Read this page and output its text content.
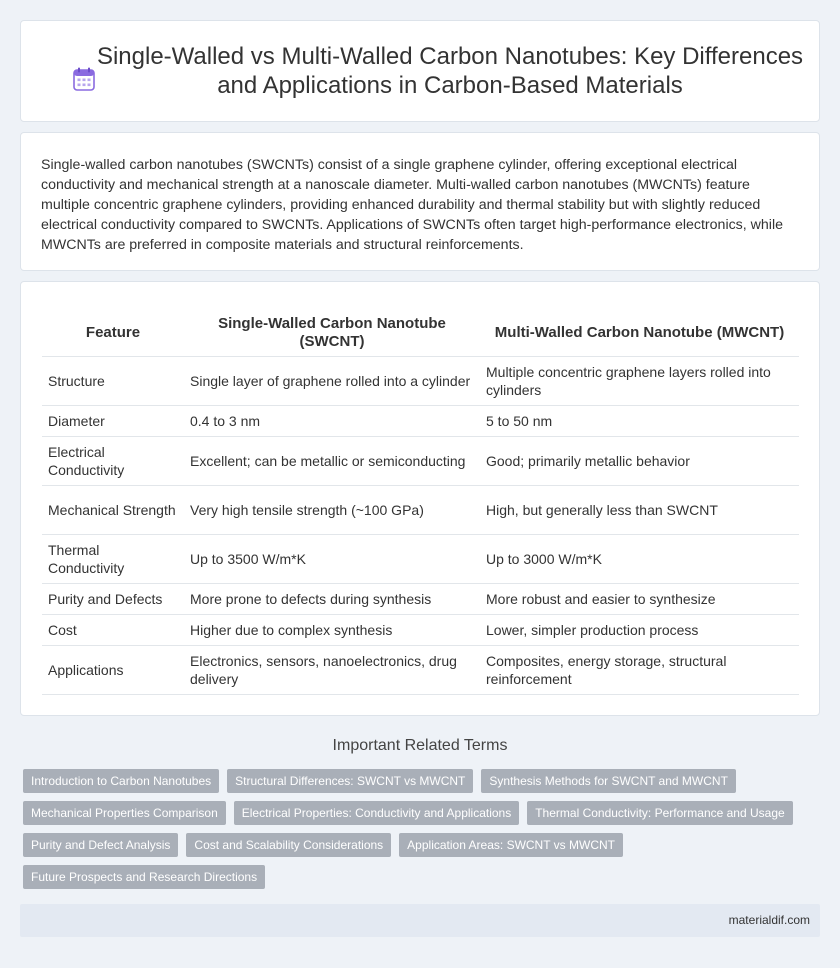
Single-Walled vs Multi-Walled Carbon Nanotubes: Key Differences and Applications in Carbon-Based Materials

Single-walled carbon nanotubes (SWCNTs) consist of a single graphene cylinder, offering exceptional electrical conductivity and mechanical strength at a nanoscale diameter. Multi-walled carbon nanotubes (MWCNTs) feature multiple concentric graphene cylinders, providing enhanced durability and thermal stability but with slightly reduced electrical conductivity compared to SWCNTs. Applications of SWCNTs often target high-performance electronics, while MWCNTs are preferred in composite materials and structural reinforcements.

Feature	Single-Walled Carbon Nanotube (SWCNT)	Multi-Walled Carbon Nanotube (MWCNT)
Structure	Single layer of graphene rolled into a cylinder	Multiple concentric graphene layers rolled into cylinders
Diameter	0.4 to 3 nm	5 to 50 nm
Electrical Conductivity	Excellent; can be metallic or semiconducting	Good; primarily metallic behavior
Mechanical Strength	Very high tensile strength (~100 GPa)	High, but generally less than SWCNT
Thermal Conductivity	Up to 3500 W/m*K	Up to 3000 W/m*K
Purity and Defects	More prone to defects during synthesis	More robust and easier to synthesize
Cost	Higher due to complex synthesis	Lower, simpler production process
Applications	Electronics, sensors, nanoelectronics, drug delivery	Composites, energy storage, structural reinforcement
Important Related Terms
Introduction to Carbon Nanotubes	Structural Differences: SWCNT vs MWCNT	Synthesis Methods for SWCNT and MWCNT
Mechanical Properties Comparison	Electrical Properties: Conductivity and Applications	Thermal Conductivity: Performance and Usage
Purity and Defect Analysis	Cost and Scalability Considerations	Application Areas: SWCNT vs MWCNT
Future Prospects and Research Directions
materialdif.com
